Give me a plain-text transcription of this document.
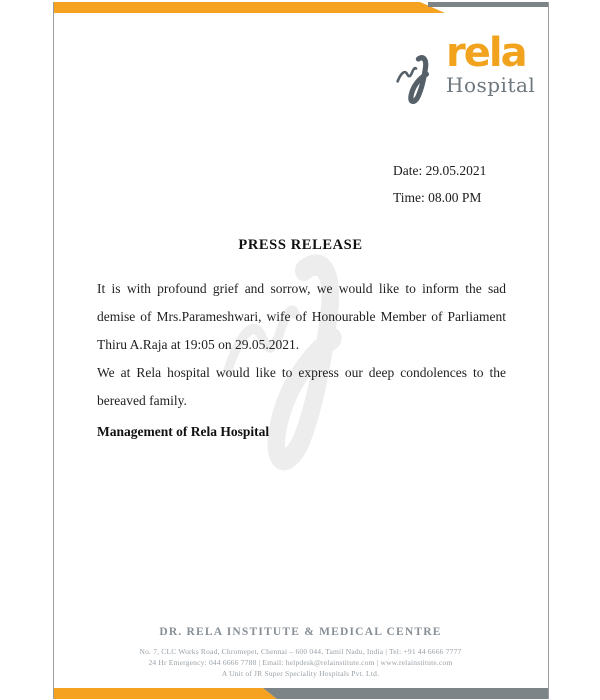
rela
Hospital
Date: 29.05.2021
Time: 08.00 PM
PRESS RELEASE
It is with profound grief and sorrow, we would like to inform the sad demise of Mrs.Parameshwari, wife of Honourable Member of Parliament Thiru A.Raja at 19:05 on 29.05.2021.
We at Rela hospital would like to express our deep condolences to the bereaved family.
Management of Rela Hospital
DR. RELA INSTITUTE & MEDICAL CENTRE
No. 7, CLC Works Road, Chromepet, Chennai – 600 044, Tamil Nadu, India | Tel: +91 44 6666 7777
24 Hr Emergency: 044 6666 7788 | Email: helpdesk@relainstitute.com | www.relainstitute.com
A Unit of JR Super Speciality Hospitals Pvt. Ltd.
